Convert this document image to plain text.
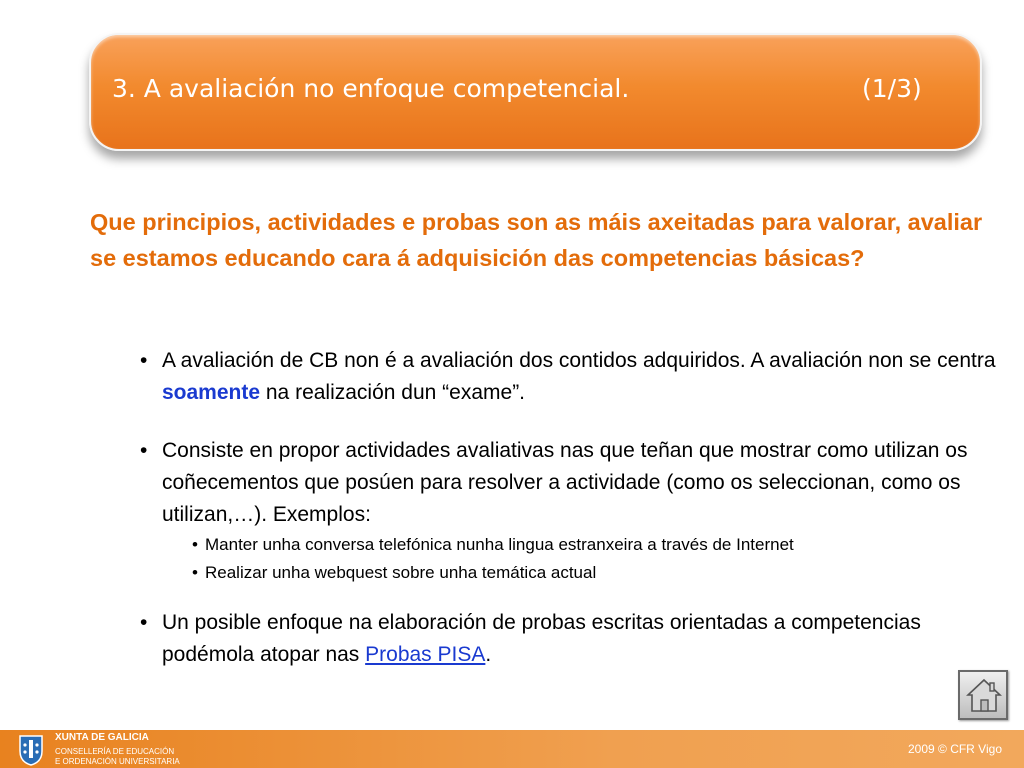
3. A avaliación no enfoque competencial.	(1/3)
Que principios, actividades e probas son as máis axeitadas para valorar, avaliar se estamos educando cara á adquisición das competencias básicas?
• A avaliación de CB non é a avaliación dos contidos adquiridos. A avaliación non se centra soamente na realización dun “exame”.
• Consiste en propor actividades avaliativas nas que teñan que mostrar como utilizan os coñecementos que posúen para resolver a actividade (como os seleccionan, como os utilizan,…). Exemplos:
• Manter unha conversa telefónica nunha lingua estranxeira a través de Internet
• Realizar unha webquest sobre unha temática actual
• Un posible enfoque na elaboración de probas escritas orientadas a competencias podémola atopar nas Probas PISA.
XUNTA DE GALICIA
CONSELLERÍA DE EDUCACIÓN
E ORDENACIÓN UNIVERSITARIA
2009 © CFR Vigo
